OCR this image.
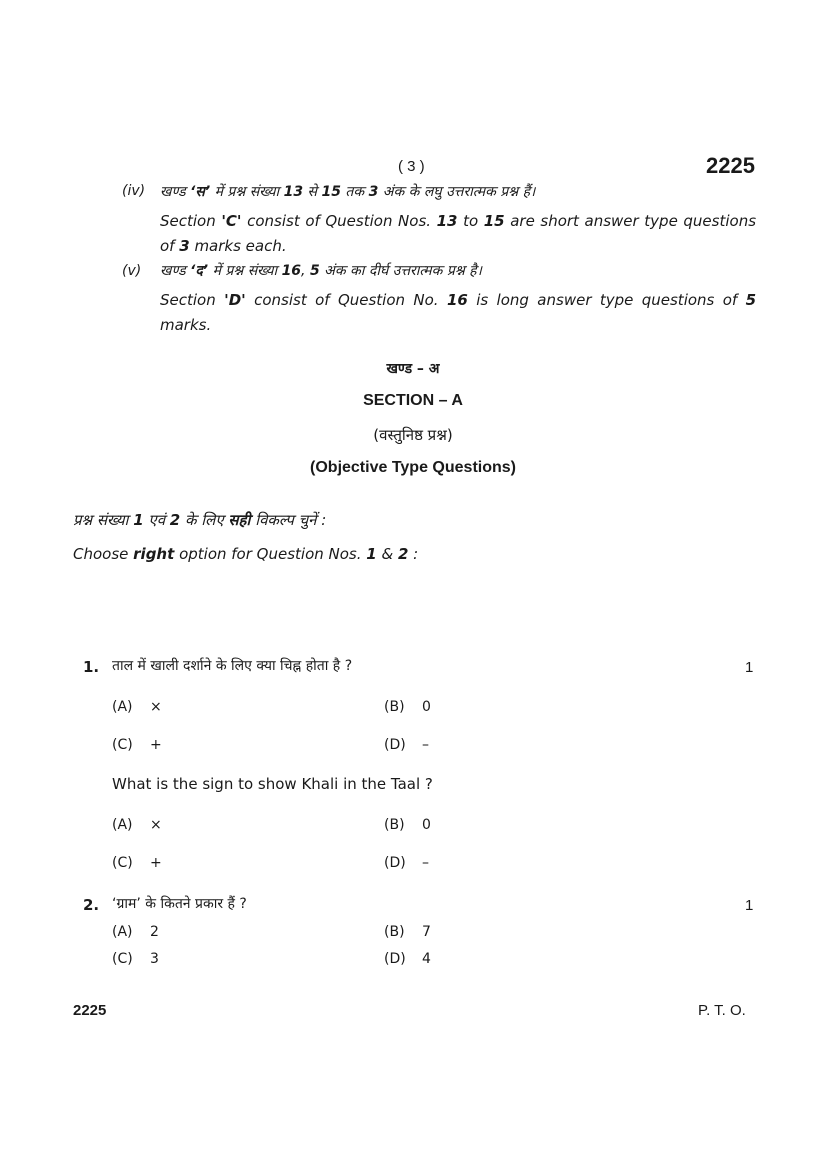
( 3 )	2225
(iv) खण्ड ‘स’ में प्रश्न संख्या 13 से 15 तक 3 अंक के लघु उत्तरात्मक प्रश्न हैं।
Section 'C' consist of Question Nos. 13 to 15 are short answer type questions of 3 marks each.
(v) खण्ड ‘द’ में प्रश्न संख्या 16, 5 अंक का दीर्घ उत्तरात्मक प्रश्न है।
Section 'D' consist of Question No. 16 is long answer type questions of 5 marks.
खण्ड – अ
SECTION – A
(वस्तुनिष्ठ प्रश्न)
(Objective Type Questions)
प्रश्न संख्या 1 एवं 2 के लिए सही विकल्प चुनें :
Choose right option for Question Nos. 1 & 2 :
1. ताल में खाली दर्शाने के लिए क्या चिह्न होता है ?	1
(A) ×	(B) 0
(C) +	(D) –
What is the sign to show Khali in the Taal ?
(A) ×	(B) 0
(C) +	(D) –
2. ‘ग्राम’ के कितने प्रकार हैं ?	1
(A) 2	(B) 7
(C) 3	(D) 4
2225	P. T. O.
